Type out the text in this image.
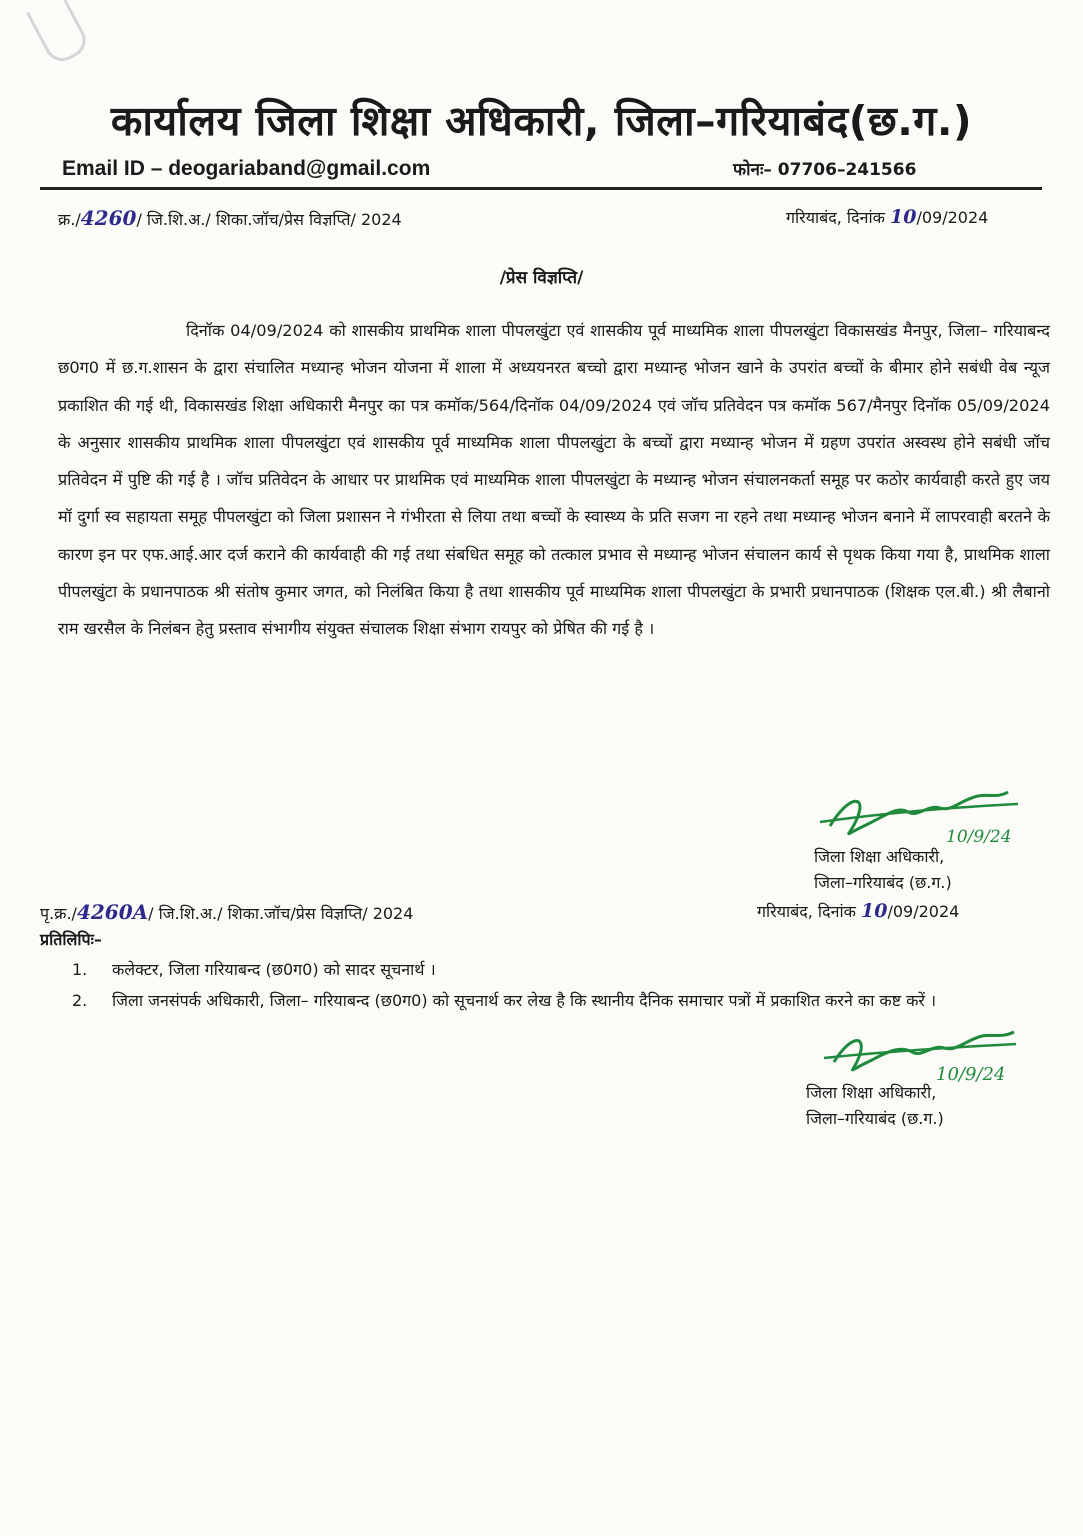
कार्यालय जिला शिक्षा अधिकारी, जिला–गरियाबंद(छ.ग.)
Email ID – deogariaband@gmail.com	फोनः– 07706–241566
क्र./4260/ जि.शि.अ./ शिका.जॉच/प्रेस विज्ञप्ति/ 2024	गरियाबंद, दिनांक 10/09/2024
/प्रेस विज्ञप्ति/
दिनॉक 04/09/2024 को शासकीय प्राथमिक शाला पीपलखुंटा एवं शासकीय पूर्व माध्यमिक शाला पीपलखुंटा विकासखंड मैनपुर, जिला– गरियाबन्द छ0ग0 में छ.ग.शासन के द्वारा संचालित मध्यान्ह भोजन योजना में शाला में अध्ययनरत बच्चो द्वारा मध्यान्ह भोजन खाने के उपरांत बच्चों के बीमार होने सबंधी वेब न्यूज प्रकाशित की गई थी, विकासखंड शिक्षा अधिकारी मैनपुर का पत्र कमॉक/564/दिनॉक 04/09/2024 एवं जॉच प्रतिवेदन पत्र कमॉक 567/मैनपुर दिनॉक 05/09/2024 के अनुसार शासकीय प्राथमिक शाला पीपलखुंटा एवं शासकीय पूर्व माध्यमिक शाला पीपलखुंटा के बच्चों द्वारा मध्यान्ह भोजन में ग्रहण उपरांत अस्वस्थ होने सबंधी जॉच प्रतिवेदन में पुष्टि की गई है । जॉच प्रतिवेदन के आधार पर प्राथमिक एवं माध्यमिक शाला पीपलखुंटा के मध्यान्ह भोजन संचालनकर्ता समूह पर कठोर कार्यवाही करते हुए जय मॉ दुर्गा स्व सहायता समूह पीपलखुंटा को जिला प्रशासन ने गंभीरता से लिया तथा बच्चों के स्वास्थ्य के प्रति सजग ना रहने तथा मध्यान्ह भोजन बनाने में लापरवाही बरतने के कारण इन पर एफ.आई.आर दर्ज कराने की कार्यवाही की गई तथा संबधित समूह को तत्काल प्रभाव से मध्यान्ह भोजन संचालन कार्य से पृथक किया गया है, प्राथमिक शाला पीपलखुंटा के प्रधानपाठक श्री संतोष कुमार जगत, को निलंबित किया है तथा शासकीय पूर्व माध्यमिक शाला पीपलखुंटा के प्रभारी प्रधानपाठक (शिक्षक एल.बी.) श्री लैबानो राम खरसैल के निलंबन हेतु प्रस्ताव संभागीय संयुक्त संचालक शिक्षा संभाग रायपुर को प्रेषित की गई है ।
10/9/24
जिला शिक्षा अधिकारी,
जिला–गरियाबंद (छ.ग.)
पृ.क्र./4260A/ जि.शि.अ./ शिका.जॉच/प्रेस विज्ञप्ति/ 2024	गरियाबंद, दिनांक 10/09/2024
प्रतिलिपिः–
1.	कलेक्टर, जिला गरियाबन्द (छ0ग0) को सादर सूचनार्थ ।
2.	जिला जनसंपर्क अधिकारी, जिला– गरियाबन्द (छ0ग0) को सूचनार्थ कर लेख है कि स्थानीय दैनिक समाचार पत्रों में प्रकाशित करने का कष्ट करें ।
10/9/24
जिला शिक्षा अधिकारी,
जिला–गरियाबंद (छ.ग.)
